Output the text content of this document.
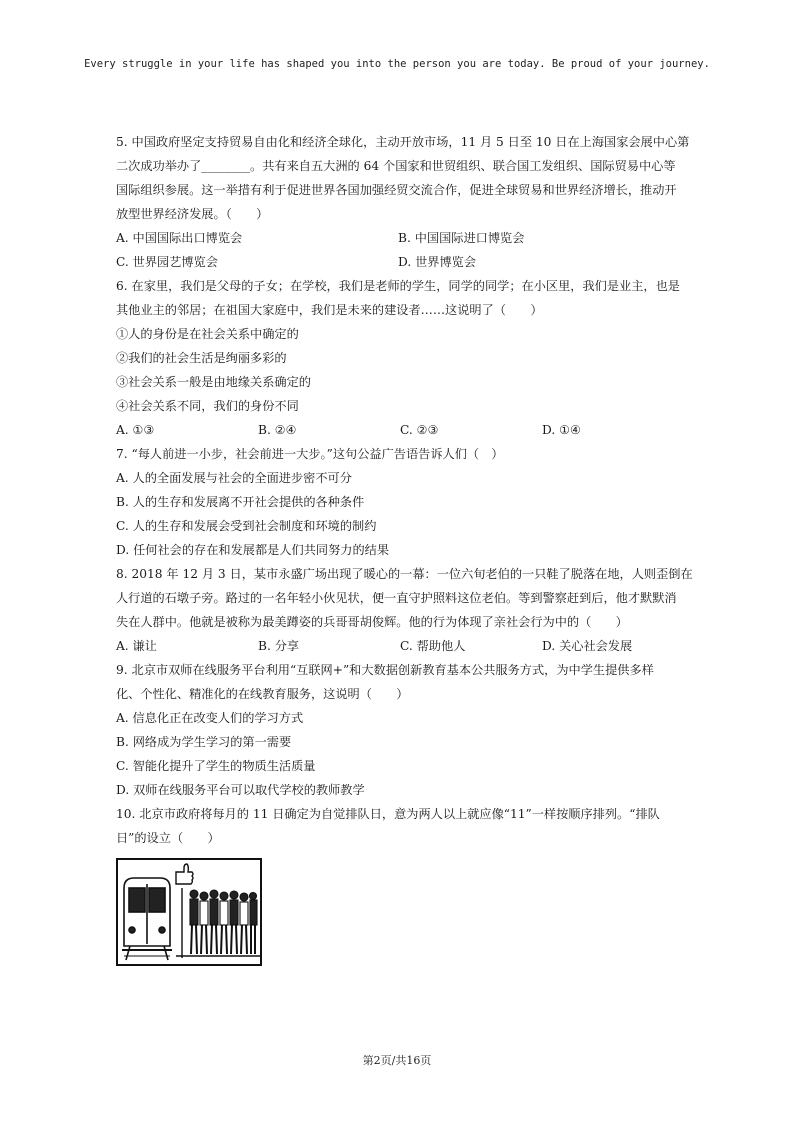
Every struggle in your life has shaped you into the person you are today. Be proud of your journey.
5. 中国政府坚定支持贸易自由化和经济全球化，主动开放市场，11 月 5 日至 10 日在上海国家会展中心第
二次成功举办了________。共有来自五大洲的 64 个国家和世贸组织、联合国工发组织、国际贸易中心等
国际组织参展。这一举措有利于促进世界各国加强经贸交流合作，促进全球贸易和世界经济增长，推动开
放型世界经济发展。（　　）
A. 中国国际出口博览会	B. 中国国际进口博览会
C. 世界园艺博览会	D. 世界博览会
6. 在家里，我们是父母的子女；在学校，我们是老师的学生，同学的同学；在小区里，我们是业主，也是
其他业主的邻居；在祖国大家庭中，我们是未来的建设者……这说明了（　　）
①人的身份是在社会关系中确定的
②我们的社会生活是绚丽多彩的
③社会关系一般是由地缘关系确定的
④社会关系不同，我们的身份不同
A. ①③	B. ②④	C. ②③	D. ①④
7. “每人前进一小步，社会前进一大步。”这句公益广告语告诉人们（　）
A. 人的全面发展与社会的全面进步密不可分
B. 人的生存和发展离不开社会提供的各种条件
C. 人的生存和发展会受到社会制度和环境的制约
D. 任何社会的存在和发展都是人们共同努力的结果
8. 2018 年 12 月 3 日，某市永盛广场出现了暖心的一幕：一位六旬老伯的一只鞋了脱落在地，人则歪倒在
人行道的石墩子旁。路过的一名年轻小伙见状，便一直守护照料这位老伯。等到警察赶到后，他才默默消
失在人群中。他就是被称为最美蹲姿的兵哥哥胡俊辉。他的行为体现了亲社会行为中的（　　）
A. 谦让	B. 分享	C. 帮助他人	D. 关心社会发展
9. 北京市双师在线服务平台利用“互联网+”和大数据创新教育基本公共服务方式，为中学生提供多样
化、个性化、精准化的在线教育服务，这说明（　　）
A. 信息化正在改变人们的学习方式
B. 网络成为学生学习的第一需要
C. 智能化提升了学生的物质生活质量
D. 双师在线服务平台可以取代学校的教师教学
10. 北京市政府将每月的 11 日确定为自觉排队日，意为两人以上就应像“11”一样按顺序排列。“排队
日”的设立（　　）
第2页/共16页
